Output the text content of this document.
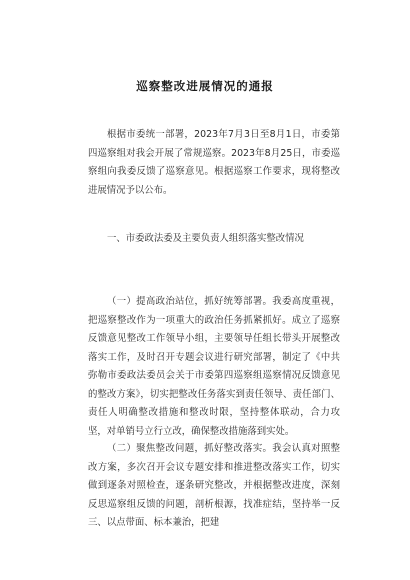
巡察整改进展情况的通报

根据市委统一部署，2023年7月3日至8月1日，市委第四巡察组对我会开展了常规巡察。2023年8月25日，市委巡察组向我委反馈了巡察意见。根据巡察工作要求，现将整改进展情况予以公布。

一、市委政法委及主要负责人组织落实整改情况

（一）提高政治站位，抓好统筹部署。我委高度重视，把巡察整改作为一项重大的政治任务抓紧抓好。成立了巡察反馈意见整改工作领导小组，主要领导任组长带头开展整改落实工作，及时召开专题会议进行研究部署，制定了《中共弥勒市委政法委员会关于市委第四巡察组巡察情况反馈意见的整改方案》，切实把整改任务落实到责任领导、责任部门、责任人明确整改措施和整改时限，坚持整体联动，合力攻坚，对单销号立行立改，确保整改措施落到实处。

（二）聚焦整改问题，抓好整改落实。我会认真对照整改方案，多次召开会议专题安排和推进整改落实工作，切实做到逐条对照检查，逐条研究整改，并根据整改进度，深刻反思巡察组反馈的问题，剖析根源，找准症结，坚持举一反三、以点带面、标本兼治，把建
